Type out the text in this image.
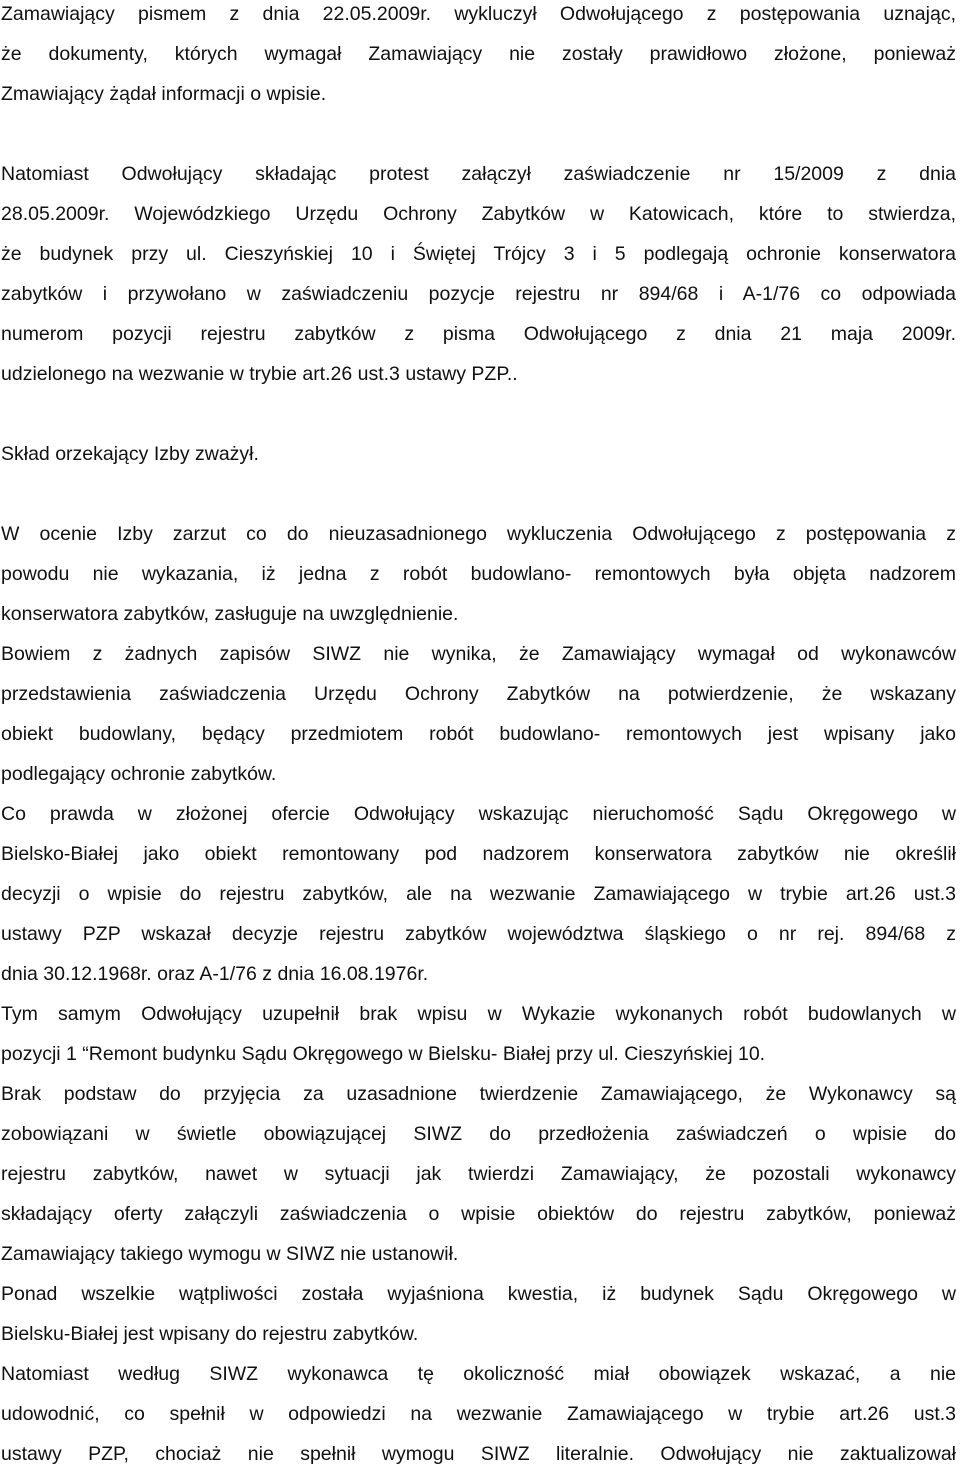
Zamawiający pismem z dnia 22.05.2009r. wykluczył Odwołującego z postępowania uznając,
że dokumenty, których wymagał Zamawiający nie zostały prawidłowo złożone, ponieważ
Zmawiający żądał informacji o wpisie.
Natomiast Odwołujący składając protest załączył zaświadczenie nr 15/2009 z dnia
28.05.2009r. Wojewódzkiego Urzędu Ochrony Zabytków w Katowicach, które to stwierdza,
że budynek przy ul. Cieszyńskiej 10 i Świętej Trójcy 3 i 5 podlegają ochronie konserwatora
zabytków i przywołano w zaświadczeniu pozycje rejestru nr 894/68 i A-1/76 co odpowiada
numerom pozycji rejestru zabytków z pisma Odwołującego z dnia 21 maja 2009r.
udzielonego na wezwanie w trybie art.26 ust.3 ustawy PZP..
Skład orzekający Izby zważył.
W ocenie Izby zarzut co do nieuzasadnionego wykluczenia Odwołującego z postępowania z
powodu nie wykazania, iż jedna z robót budowlano- remontowych była objęta nadzorem
konserwatora zabytków, zasługuje na uwzględnienie.
Bowiem z żadnych zapisów SIWZ nie wynika, że Zamawiający wymagał od wykonawców
przedstawienia zaświadczenia Urzędu Ochrony Zabytków na potwierdzenie, że wskazany
obiekt budowlany, będący przedmiotem robót budowlano- remontowych jest wpisany jako
podlegający ochronie zabytków.
Co prawda w złożonej ofercie Odwołujący wskazując nieruchomość Sądu Okręgowego w
Bielsko-Białej jako obiekt remontowany pod nadzorem konserwatora zabytków nie określił
decyzji o wpisie do rejestru zabytków, ale na wezwanie Zamawiającego w trybie art.26 ust.3
ustawy PZP wskazał decyzje rejestru zabytków województwa śląskiego o nr rej. 894/68 z
dnia 30.12.1968r. oraz A-1/76 z dnia 16.08.1976r.
Tym samym Odwołujący uzupełnił brak wpisu w Wykazie wykonanych robót budowlanych w
pozycji 1 “Remont budynku Sądu Okręgowego w Bielsku- Białej przy ul. Cieszyńskiej 10.
Brak podstaw do przyjęcia za uzasadnione twierdzenie Zamawiającego, że Wykonawcy są
zobowiązani w świetle obowiązującej SIWZ do przedłożenia zaświadczeń o wpisie do
rejestru zabytków, nawet w sytuacji jak twierdzi Zamawiający, że pozostali wykonawcy
składający oferty załączyli zaświadczenia o wpisie obiektów do rejestru zabytków, ponieważ
Zamawiający takiego wymogu w SIWZ nie ustanowił.
Ponad wszelkie wątpliwości została wyjaśniona kwestia, iż budynek Sądu Okręgowego w
Bielsku-Białej jest wpisany do rejestru zabytków.
Natomiast według SIWZ wykonawca tę okoliczność miał obowiązek wskazać, a nie
udowodnić, co spełnił w odpowiedzi na wezwanie Zamawiającego w trybie art.26 ust.3
ustawy PZP, chociaż nie spełnił wymogu SIWZ literalnie. Odwołujący nie zaktualizował
